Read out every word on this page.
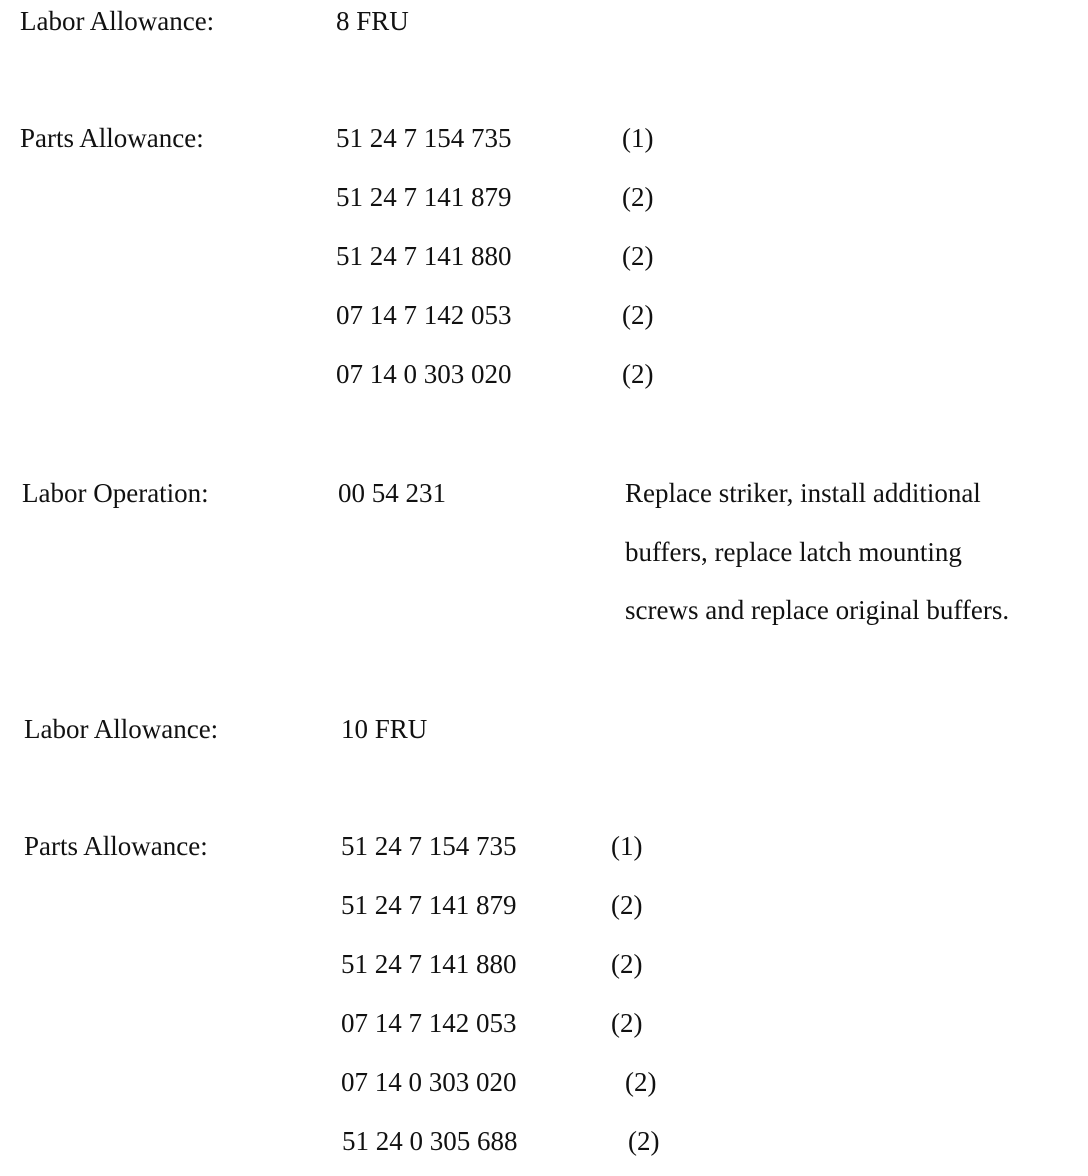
Labor Allowance:	8 FRU
Parts Allowance:	51 24 7 154 735	(1)
51 24 7 141 879	(2)
51 24 7 141 880	(2)
07 14 7 142 053	(2)
07 14 0 303 020	(2)
Labor Operation:	00 54 231	Replace striker, install additional
buffers, replace latch mounting
screws and replace original buffers.
Labor Allowance:	10 FRU
Parts Allowance:	51 24 7 154 735	(1)
51 24 7 141 879	(2)
51 24 7 141 880	(2)
07 14 7 142 053	(2)
07 14 0 303 020	(2)
51 24 0 305 688	(2)
